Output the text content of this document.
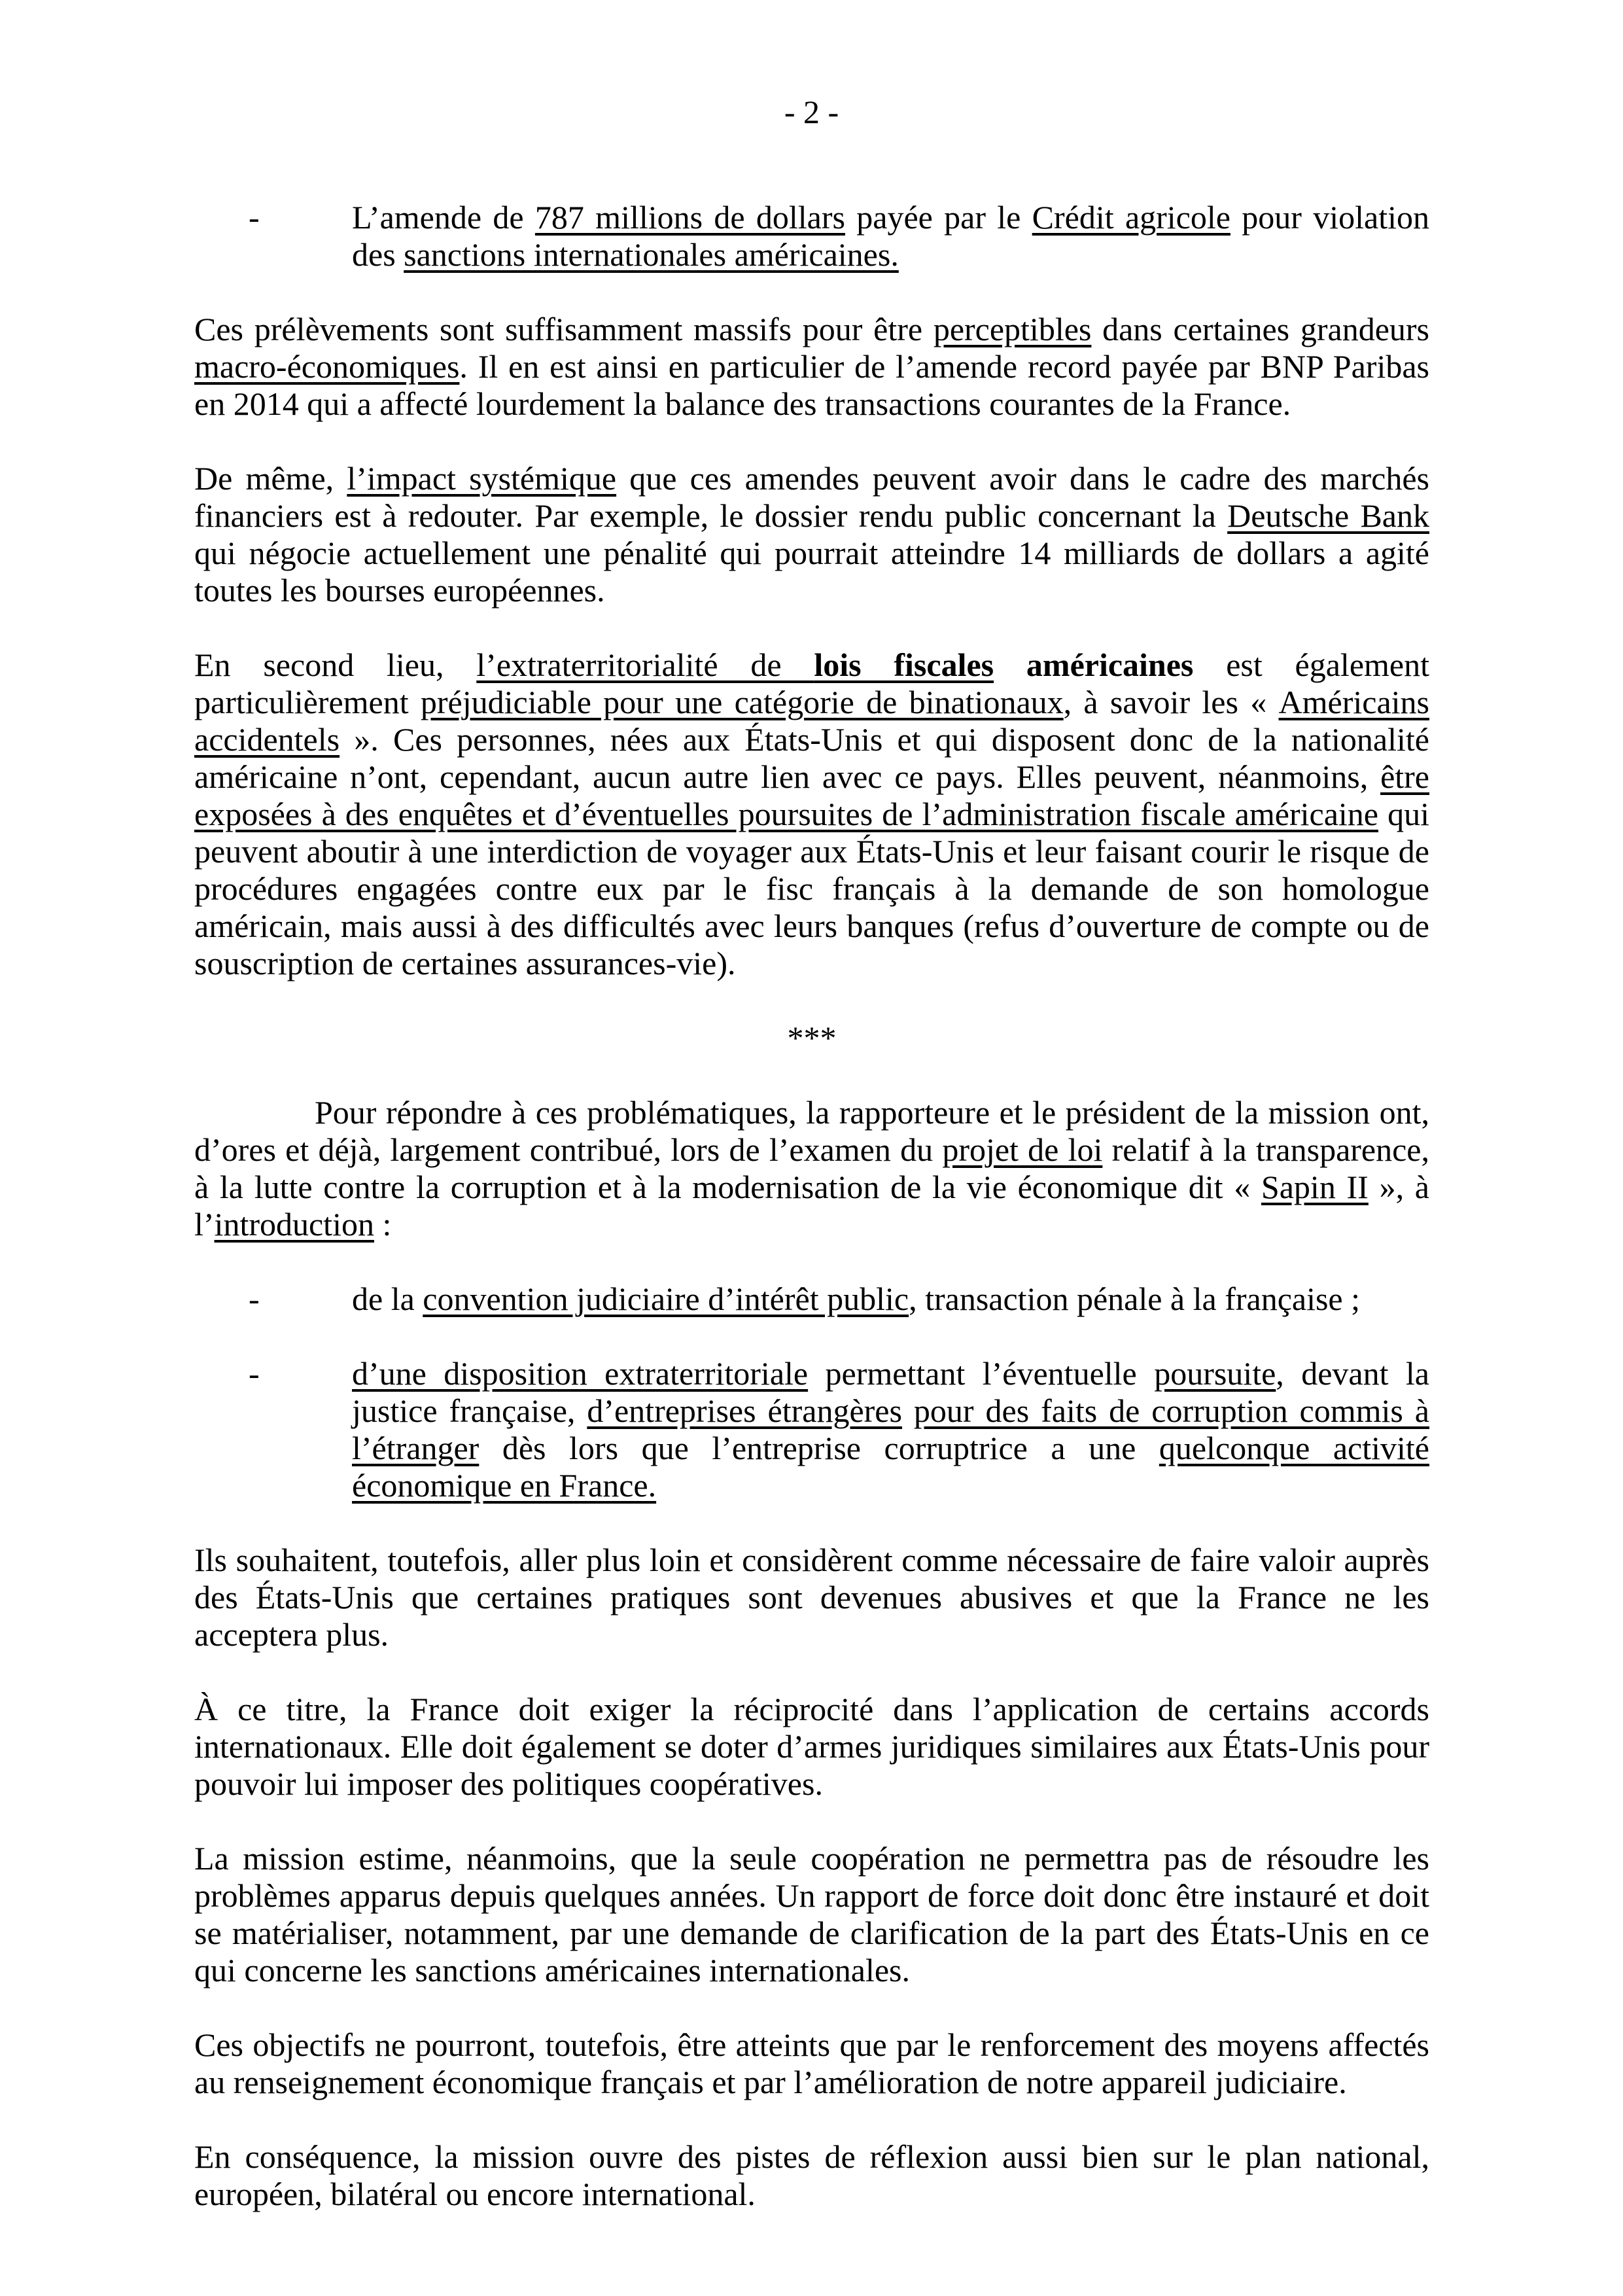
- 2 -
-	L’amende de 787 millions de dollars payée par le Crédit agricole pour violation des sanctions internationales américaines.

Ces prélèvements sont suffisamment massifs pour être perceptibles dans certaines grandeurs macro-économiques. Il en est ainsi en particulier de l’amende record payée par BNP Paribas en 2014 qui a affecté lourdement la balance des transactions courantes de la France.

De même, l’impact systémique que ces amendes peuvent avoir dans le cadre des marchés financiers est à redouter. Par exemple, le dossier rendu public concernant la Deutsche Bank qui négocie actuellement une pénalité qui pourrait atteindre 14 milliards de dollars a agité toutes les bourses européennes.

En second lieu, l’extraterritorialité de lois fiscales américaines est également particulièrement préjudiciable pour une catégorie de binationaux, à savoir les « Américains accidentels ». Ces personnes, nées aux États-Unis et qui disposent donc de la nationalité américaine n’ont, cependant, aucun autre lien avec ce pays. Elles peuvent, néanmoins, être exposées à des enquêtes et d’éventuelles poursuites de l’administration fiscale américaine qui peuvent aboutir à une interdiction de voyager aux États-Unis et leur faisant courir le risque de procédures engagées contre eux par le fisc français à la demande de son homologue américain, mais aussi à des difficultés avec leurs banques (refus d’ouverture de compte ou de souscription de certaines assurances-vie).

***

Pour répondre à ces problématiques, la rapporteure et le président de la mission ont, d’ores et déjà, largement contribué, lors de l’examen du projet de loi relatif à la transparence, à la lutte contre la corruption et à la modernisation de la vie économique dit « Sapin II », à l’introduction :

-	de la convention judiciaire d’intérêt public, transaction pénale à la française ;
-	d’une disposition extraterritoriale permettant l’éventuelle poursuite, devant la justice française, d’entreprises étrangères pour des faits de corruption commis à l’étranger dès lors que l’entreprise corruptrice a une quelconque activité économique en France.

Ils souhaitent, toutefois, aller plus loin et considèrent comme nécessaire de faire valoir auprès des États-Unis que certaines pratiques sont devenues abusives et que la France ne les acceptera plus.

À ce titre, la France doit exiger la réciprocité dans l’application de certains accords internationaux. Elle doit également se doter d’armes juridiques similaires aux États-Unis pour pouvoir lui imposer des politiques coopératives.

La mission estime, néanmoins, que la seule coopération ne permettra pas de résoudre les problèmes apparus depuis quelques années. Un rapport de force doit donc être instauré et doit se matérialiser, notamment, par une demande de clarification de la part des États-Unis en ce qui concerne les sanctions américaines internationales.

Ces objectifs ne pourront, toutefois, être atteints que par le renforcement des moyens affectés au renseignement économique français et par l’amélioration de notre appareil judiciaire.

En conséquence, la mission ouvre des pistes de réflexion aussi bien sur le plan national, européen, bilatéral ou encore international.
